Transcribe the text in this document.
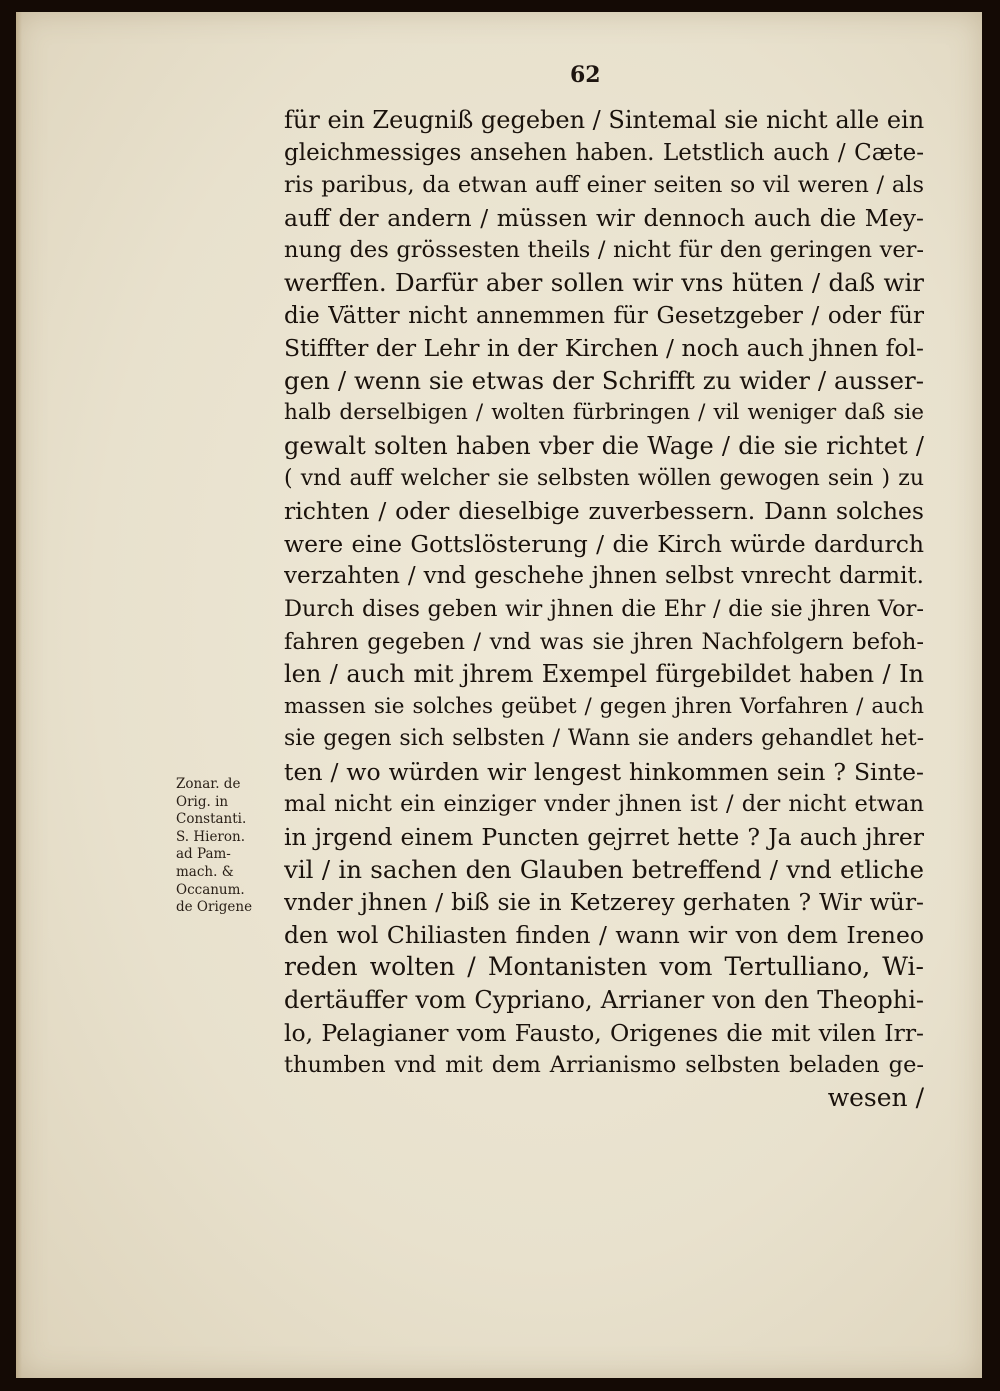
62
für ein Zeugniß gegeben / Sintemal sie nicht alle ein
gleichmessiges ansehen haben. Letstlich auch / Cæte-
ris paribus, da etwan auff einer seiten so vil weren / als
auff der andern / müssen wir dennoch auch die Mey-
nung des grössesten theils / nicht für den geringen ver-
werffen. Darfür aber sollen wir vns hüten / daß wir
die Vätter nicht annemmen für Gesetzgeber / oder für
Stiffter der Lehr in der Kirchen / noch auch jhnen fol-
gen / wenn sie etwas der Schrifft zu wider / ausser-
halb derselbigen / wolten fürbringen / vil weniger daß sie
gewalt solten haben vber die Wage / die sie richtet /
( vnd auff welcher sie selbsten wöllen gewogen sein ) zu
richten / oder dieselbige zuverbessern. Dann solches
were eine Gottslösterung / die Kirch würde dardurch
verzahten / vnd geschehe jhnen selbst vnrecht darmit.
Durch dises geben wir jhnen die Ehr / die sie jhren Vor-
fahren gegeben / vnd was sie jhren Nachfolgern befoh-
len / auch mit jhrem Exempel fürgebildet haben / In
massen sie solches geübet / gegen jhren Vorfahren / auch
sie gegen sich selbsten / Wann sie anders gehandlet het-
ten / wo würden wir lengest hinkommen sein ? Sinte-
mal nicht ein einziger vnder jhnen ist / der nicht etwan
in jrgend einem Puncten gejrret hette ? Ja auch jhrer
vil / in sachen den Glauben betreffend / vnd etliche
vnder jhnen / biß sie in Ketzerey gerhaten ? Wir wür-
den wol Chiliasten finden / wann wir von dem Ireneo
reden wolten / Montanisten vom Tertulliano, Wi-
dertäuffer vom Cypriano, Arrianer von den Theophi-
lo, Pelagianer vom Fausto, Origenes die mit vilen Irr-
thumben vnd mit dem Arrianismo selbsten beladen ge-
wesen /
Zonar. de
Orig. in
Constanti.
S. Hieron.
ad Pam-
mach. &
Occanum.
de Origene
